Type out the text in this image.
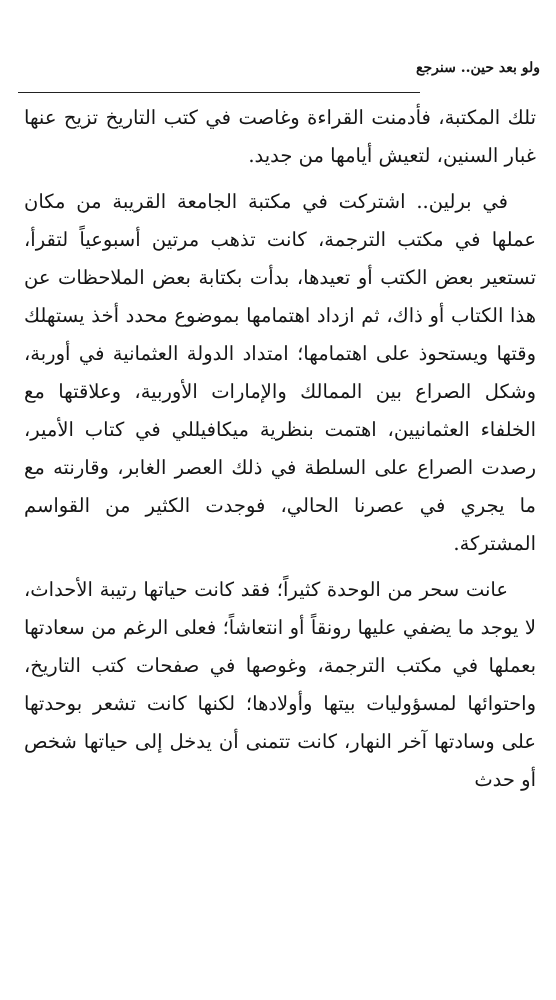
ولو بعد حين.. سنرجع

تلك المكتبة، فأدمنت القراءة وغاصت في كتب التاريخ تزيح عنها غبار السنين، لتعيش أيامها من جديد.

في برلين.. اشتركت في مكتبة الجامعة القريبة من مكان عملها في مكتب الترجمة، كانت تذهب مرتين أسبوعياً لتقرأ، تستعير بعض الكتب أو تعيدها، بدأت بكتابة بعض الملاحظات عن هذا الكتاب أو ذاك، ثم ازداد اهتمامها بموضوع محدد أخذ يستهلك وقتها ويستحوذ على اهتمامها؛ امتداد الدولة العثمانية في أوربة، وشكل الصراع بين الممالك والإمارات الأوربية، وعلاقتها مع الخلفاء العثمانيين، اهتمت بنظرية ميكافيللي في كتاب الأمير، رصدت الصراع على السلطة في ذلك العصر الغابر، وقارنته مع ما يجري في عصرنا الحالي، فوجدت الكثير من القواسم المشتركة.

عانت سحر من الوحدة كثيراً؛ فقد كانت حياتها رتيبة الأحداث، لا يوجد ما يضفي عليها رونقاً أو انتعاشاً؛ فعلى الرغم من سعادتها بعملها في مكتب الترجمة، وغوصها في صفحات كتب التاريخ، واحتوائها لمسؤوليات بيتها وأولادها؛ لكنها كانت تشعر بوحدتها على وسادتها آخر النهار، كانت تتمنى أن يدخل إلى حياتها شخص أو حدث
